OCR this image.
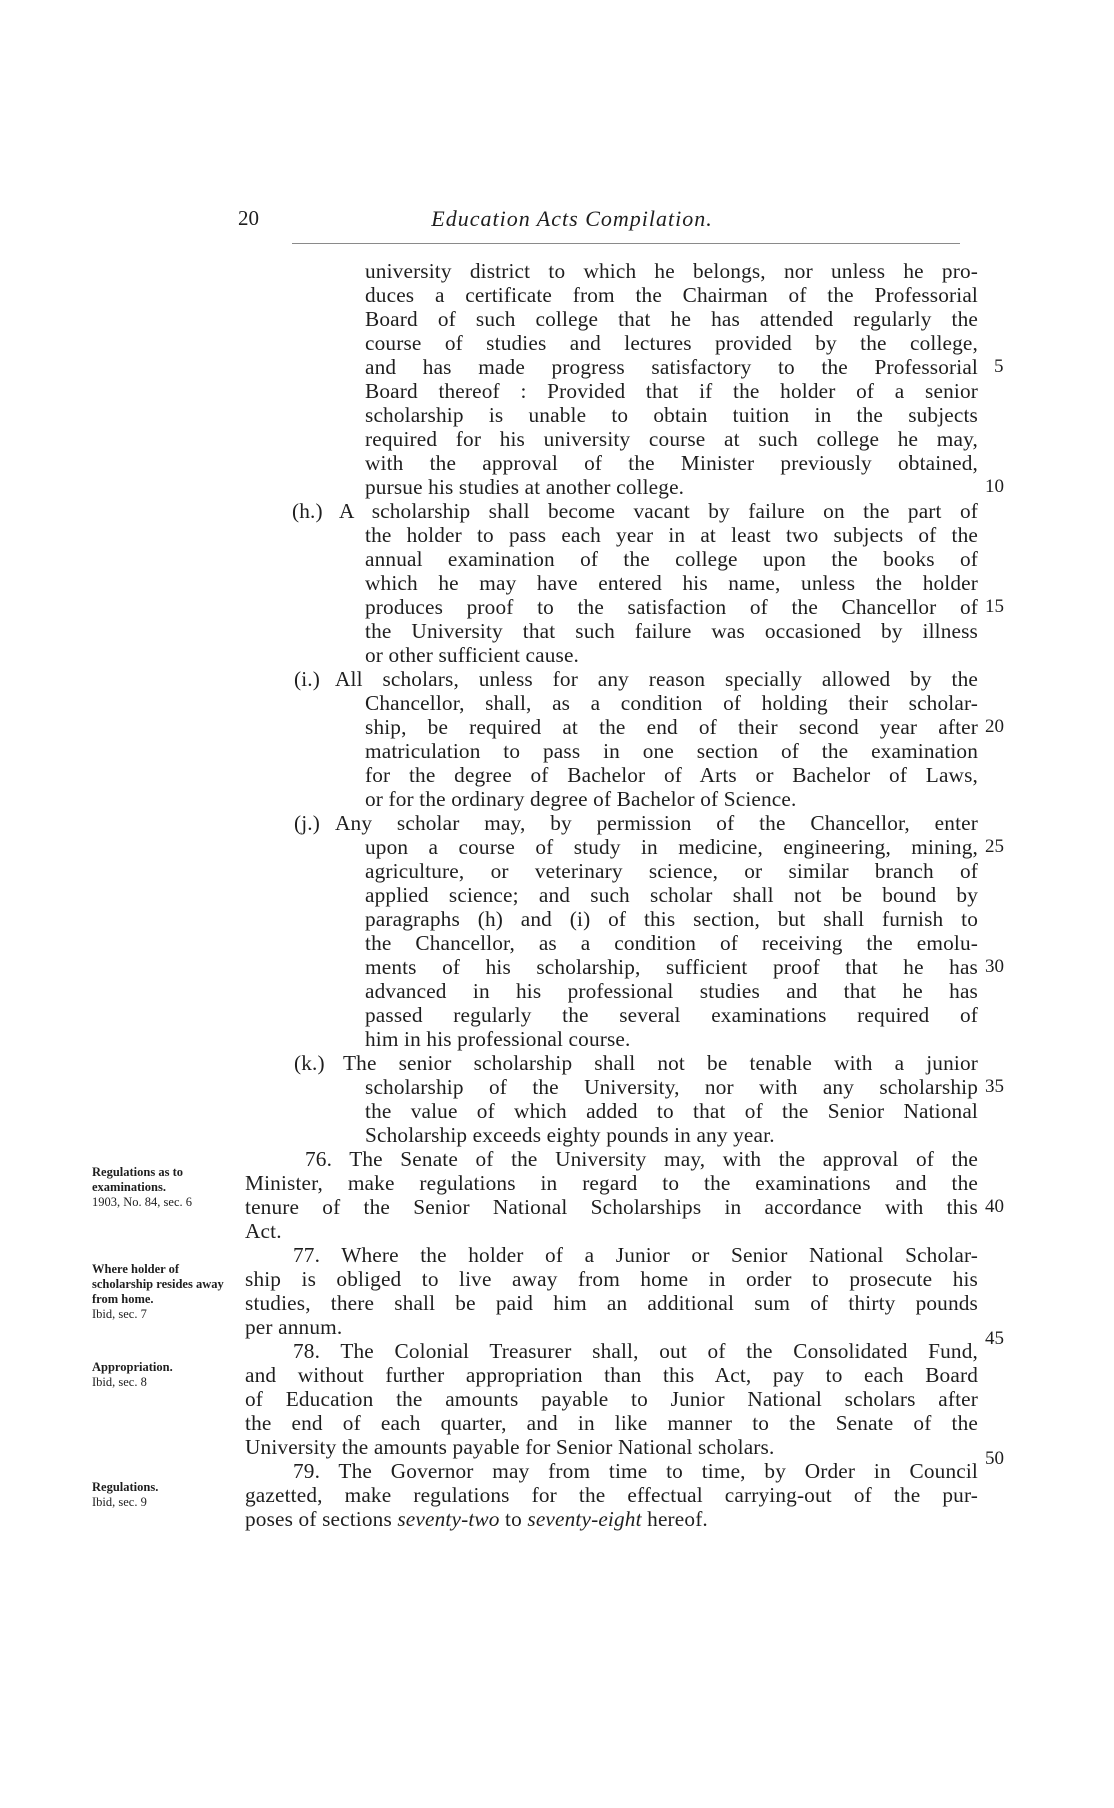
20	Education Acts Compilation.
university district to which he belongs, nor unless he pro-
duces a certificate from the Chairman of the Professorial
Board of such college that he has attended regularly the
course of studies and lectures provided by the college,
and has made progress satisfactory to the Professorial
Board thereof : Provided that if the holder of a senior
scholarship is unable to obtain tuition in the subjects
required for his university course at such college he may,
with the approval of the Minister previously obtained,
pursue his studies at another college.
(h.) A scholarship shall become vacant by failure on the part of
the holder to pass each year in at least two subjects of the
annual examination of the college upon the books of
which he may have entered his name, unless the holder
produces proof to the satisfaction of the Chancellor of
the University that such failure was occasioned by illness
or other sufficient cause.
(i.) All scholars, unless for any reason specially allowed by the
Chancellor, shall, as a condition of holding their scholar-
ship, be required at the end of their second year after
matriculation to pass in one section of the examination
for the degree of Bachelor of Arts or Bachelor of Laws,
or for the ordinary degree of Bachelor of Science.
(j.) Any scholar may, by permission of the Chancellor, enter
upon a course of study in medicine, engineering, mining,
agriculture, or veterinary science, or similar branch of
applied science; and such scholar shall not be bound by
paragraphs (h) and (i) of this section, but shall furnish to
the Chancellor, as a condition of receiving the emolu-
ments of his scholarship, sufficient proof that he has
advanced in his professional studies and that he has
passed regularly the several examinations required of
him in his professional course.
(k.) The senior scholarship shall not be tenable with a junior
scholarship of the University, nor with any scholarship
the value of which added to that of the Senior National
Scholarship exceeds eighty pounds in any year.
76. The Senate of the University may, with the approval of the
Minister, make regulations in regard to the examinations and the
tenure of the Senior National Scholarships in accordance with this
Act.
77. Where the holder of a Junior or Senior National Scholar-
ship is obliged to live away from home in order to prosecute his
studies, there shall be paid him an additional sum of thirty pounds
per annum.
78. The Colonial Treasurer shall, out of the Consolidated Fund,
and without further appropriation than this Act, pay to each Board
of Education the amounts payable to Junior National scholars after
the end of each quarter, and in like manner to the Senate of the
University the amounts payable for Senior National scholars.
79. The Governor may from time to time, by Order in Council
gazetted, make regulations for the effectual carrying-out of the pur-
poses of sections seventy-two to seventy-eight hereof.
5
10
15
20
25
30
35
40
45
50
Regulations as to examinations.
1903, No. 84, sec. 6
Where holder of scholarship resides away from home.
Ibid, sec. 7
Appropriation.
Ibid, sec. 8
Regulations.
Ibid, sec. 9
